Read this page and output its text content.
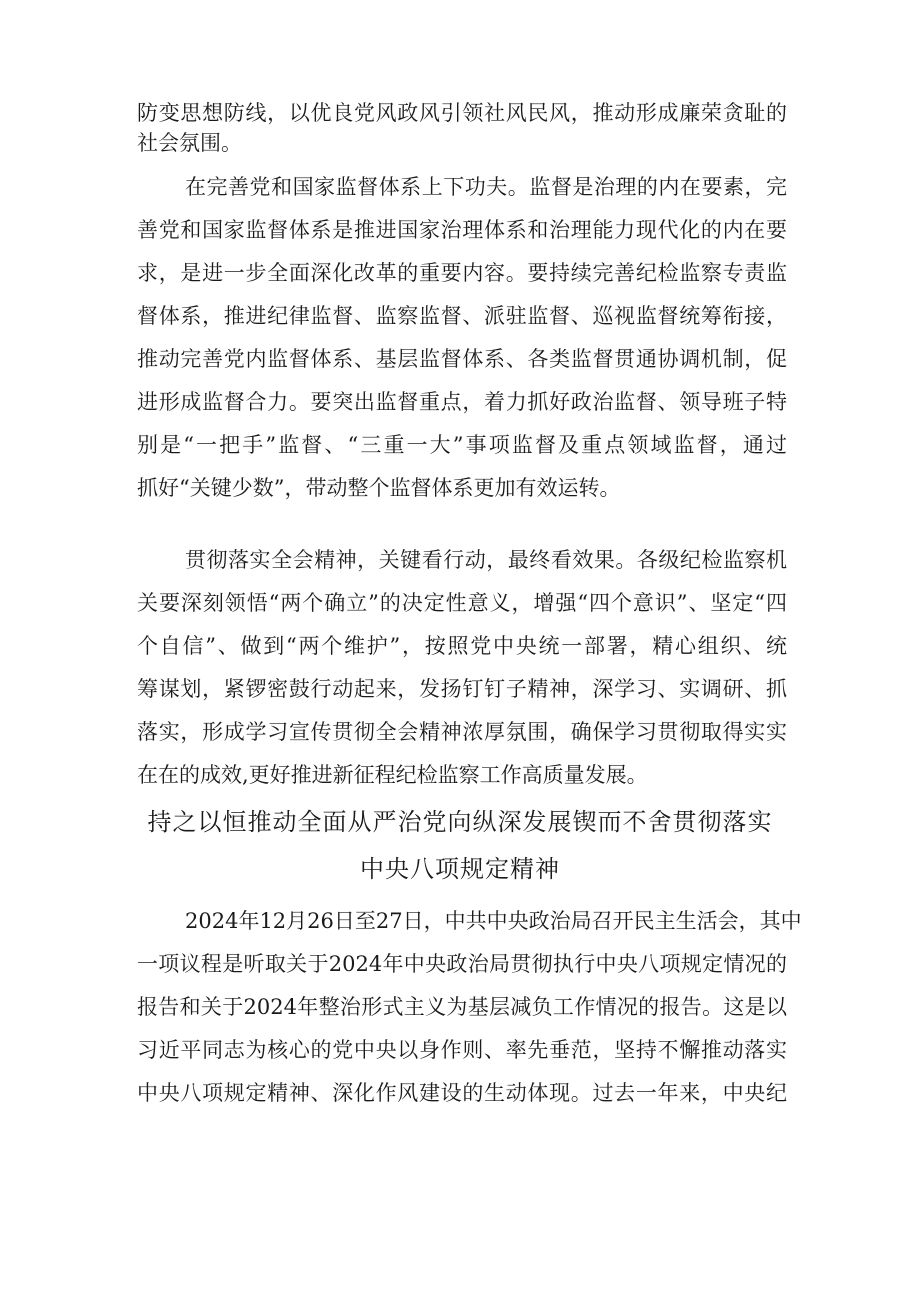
防变思想防线，以优良党风政风引领社风民风，推动形成廉荣贪耻的
社会氛围。
在完善党和国家监督体系上下功夫。监督是治理的内在要素，完
善党和国家监督体系是推进国家治理体系和治理能力现代化的内在要
求，是进一步全面深化改革的重要内容。要持续完善纪检监察专责监
督体系，推进纪律监督、监察监督、派驻监督、巡视监督统筹衔接，
推动完善党内监督体系、基层监督体系、各类监督贯通协调机制，促
进形成监督合力。要突出监督重点，着力抓好政治监督、领导班子特
别是“一把手”监督、“三重一大”事项监督及重点领域监督，通过
抓好“关键少数”，带动整个监督体系更加有效运转。
贯彻落实全会精神，关键看行动，最终看效果。各级纪检监察机
关要深刻领悟“两个确立”的决定性意义，增强“四个意识”、坚定“四
个自信”、做到“两个维护”，按照党中央统一部署，精心组织、统
筹谋划，紧锣密鼓行动起来，发扬钉钉子精神，深学习、实调研、抓
落实，形成学习宣传贯彻全会精神浓厚氛围，确保学习贯彻取得实实
在在的成效,更好推进新征程纪检监察工作高质量发展。
持之以恒推动全面从严治党向纵深发展锲而不舍贯彻落实
中央八项规定精神
2024年12月26日至27日，中共中央政治局召开民主生活会，其中
一项议程是听取关于2024年中央政治局贯彻执行中央八项规定情况的
报告和关于2024年整治形式主义为基层减负工作情况的报告。这是以
习近平同志为核心的党中央以身作则、率先垂范，坚持不懈推动落实
中央八项规定精神、深化作风建设的生动体现。过去一年来，中央纪
